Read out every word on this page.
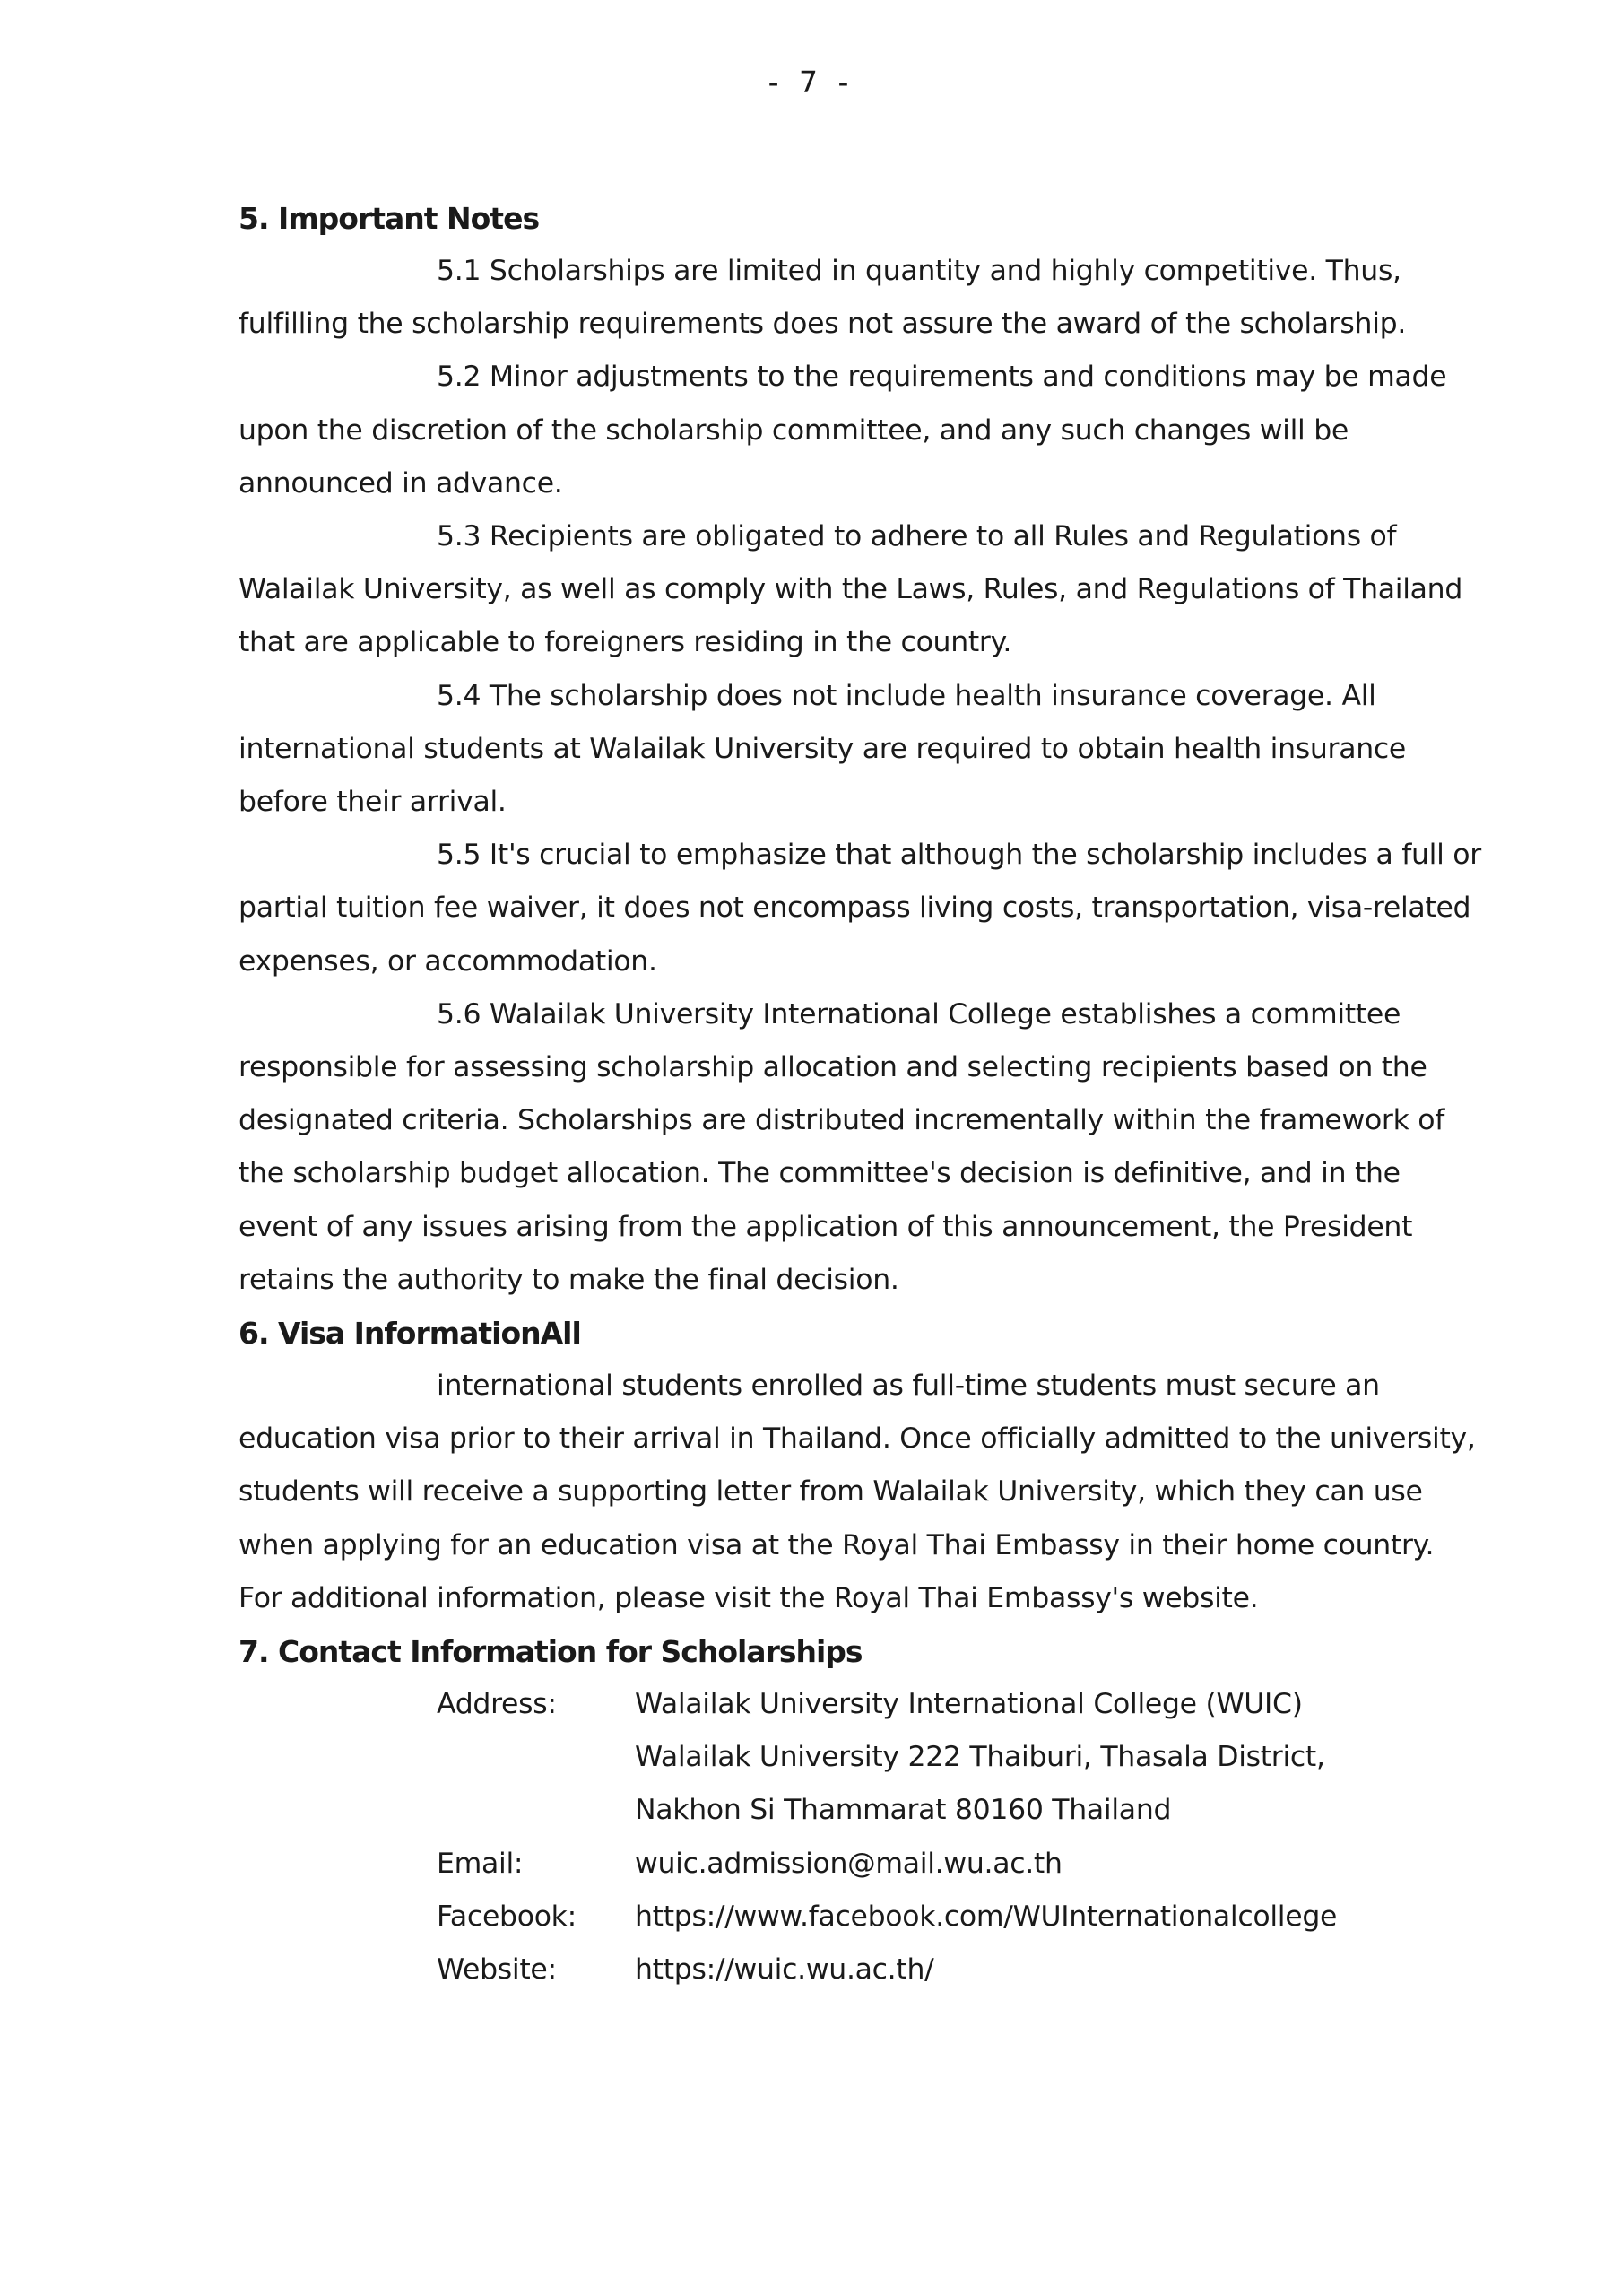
- 7 -
5. Important Notes

5.1 Scholarships are limited in quantity and highly competitive. Thus, fulfilling the scholarship requirements does not assure the award of the scholarship.

5.2 Minor adjustments to the requirements and conditions may be made upon the discretion of the scholarship committee, and any such changes will be announced in advance.

5.3 Recipients are obligated to adhere to all Rules and Regulations of Walailak University, as well as comply with the Laws, Rules, and Regulations of Thailand that are applicable to foreigners residing in the country.

5.4 The scholarship does not include health insurance coverage. All international students at Walailak University are required to obtain health insurance before their arrival.

5.5 It's crucial to emphasize that although the scholarship includes a full or partial tuition fee waiver, it does not encompass living costs, transportation, visa-related expenses, or accommodation.

5.6 Walailak University International College establishes a committee responsible for assessing scholarship allocation and selecting recipients based on the designated criteria. Scholarships are distributed incrementally within the framework of the scholarship budget allocation. The committee's decision is definitive, and in the event of any issues arising from the application of this announcement, the President retains the authority to make the final decision.

6. Visa InformationAll

international students enrolled as full-time students must secure an education visa prior to their arrival in Thailand. Once officially admitted to the university, students will receive a supporting letter from Walailak University, which they can use when applying for an education visa at the Royal Thai Embassy in their home country. For additional information, please visit the Royal Thai Embassy's website.

7. Contact Information for Scholarships
Address:	Walailak University International College (WUIC)
Walailak University 222 Thaiburi, Thasala District,
Nakhon Si Thammarat 80160 Thailand
Email:	wuic.admission@mail.wu.ac.th
Facebook:	https://www.facebook.com/WUInternationalcollege
Website:	https://wuic.wu.ac.th/
